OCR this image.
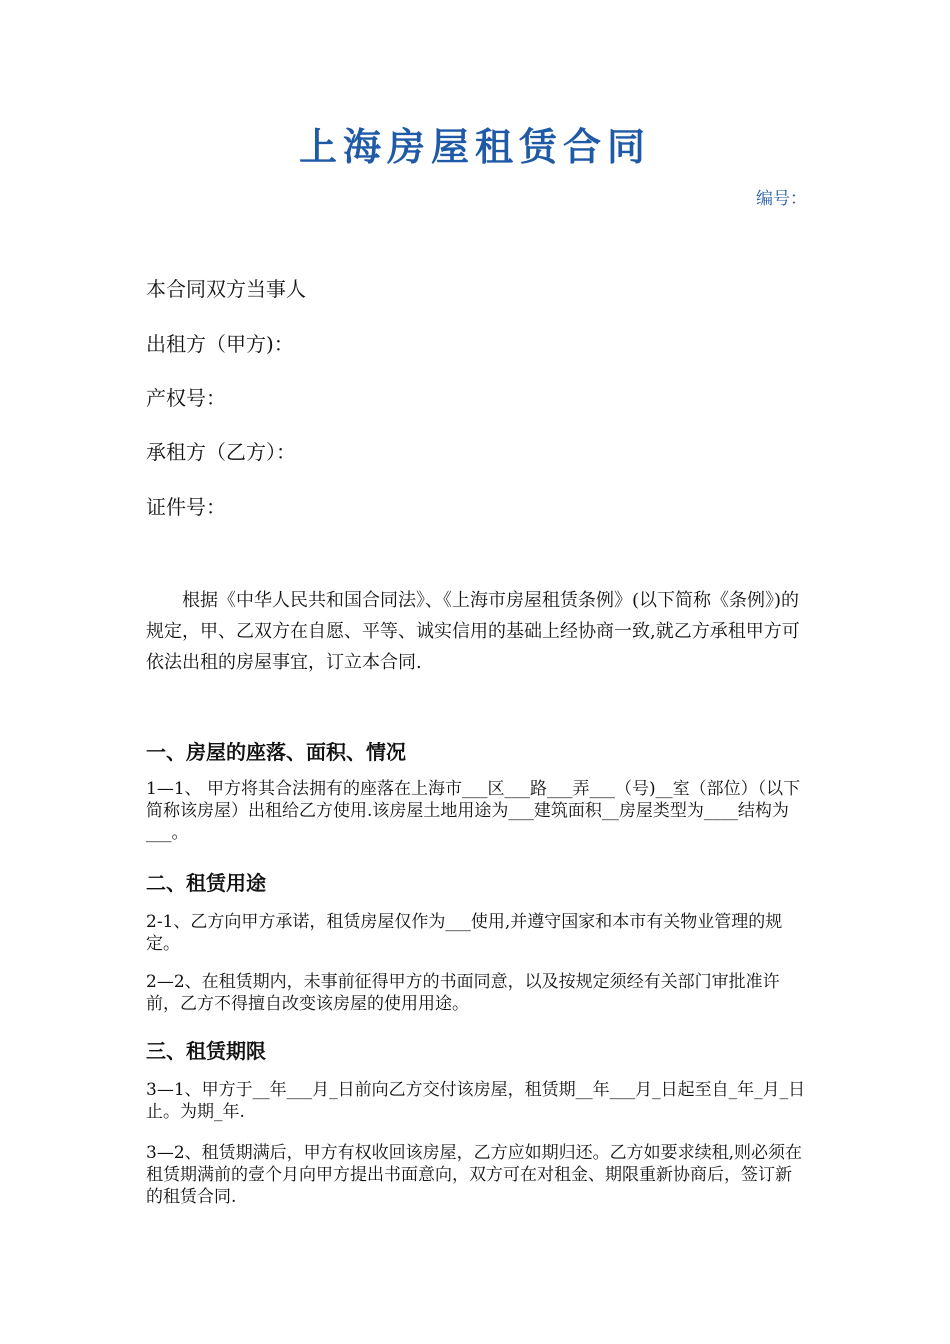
上海房屋租赁合同
编号：
本合同双方当事人
出租方（甲方)：
产权号：
承租方（乙方）：
证件号：
根据《中华人民共和国合同法》、《上海市房屋租赁条例》(以下简称《条例》)的规定，甲、乙双方在自愿、平等、诚实信用的基础上经协商一致,就乙方承租甲方可依法出租的房屋事宜，订立本合同.
一、房屋的座落、面积、情况
1—1、 甲方将其合法拥有的座落在上海市___区___路___弄___（号)__室（部位）（以下简称该房屋）出租给乙方使用.该房屋土地用途为___建筑面积__房屋类型为____结构为___。
二、租赁用途
2-1、乙方向甲方承诺，租赁房屋仅作为___使用,并遵守国家和本市有关物业管理的规定。
2—2、在租赁期内，未事前征得甲方的书面同意，以及按规定须经有关部门审批准许前，乙方不得擅自改变该房屋的使用用途。
三、租赁期限
3—1、甲方于__年___月_日前向乙方交付该房屋，租赁期__年___月_日起至自_年_月_日止。为期_年.
3—2、租赁期满后，甲方有权收回该房屋，乙方应如期归还。乙方如要求续租,则必须在租赁期满前的壹个月向甲方提出书面意向，双方可在对租金、期限重新协商后，签订新的租赁合同.
